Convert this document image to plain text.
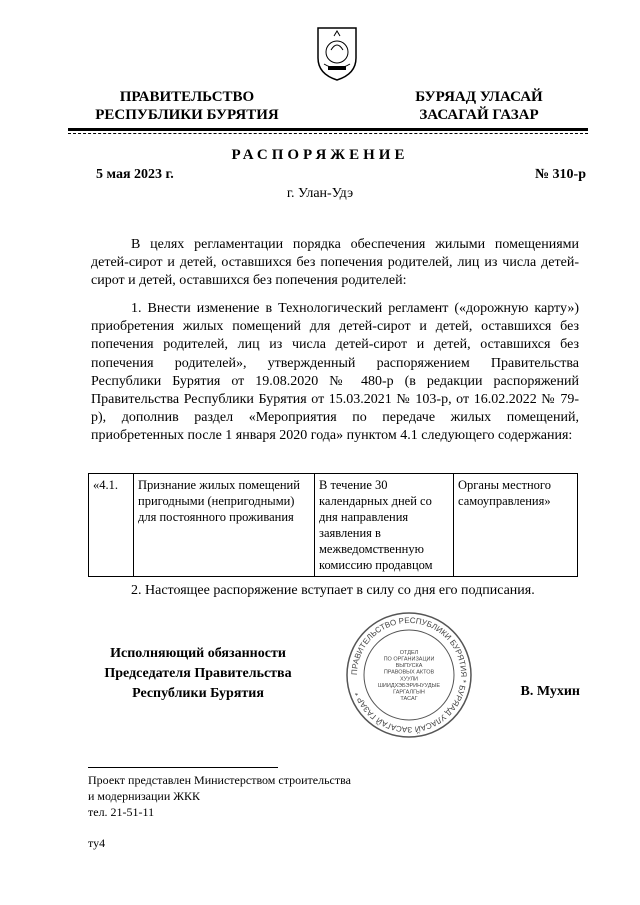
ПРАВИТЕЛЬСТВО
РЕСПУБЛИКИ БУРЯТИЯ
БУРЯАД УЛАСАЙ
ЗАСАГАЙ ГАЗАР
РАСПОРЯЖЕНИЕ
5 мая 2023 г.	№ 310-р
г. Улан-Удэ
В целях регламентации порядка обеспечения жилыми помещениями детей-сирот и детей, оставшихся без попечения родителей, лиц из числа детей-сирот и детей, оставшихся без попечения родителей:
1. Внести изменение в Технологический регламент («дорожную карту») приобретения жилых помещений для детей-сирот и детей, оставшихся без попечения родителей, лиц из числа детей-сирот и детей, оставшихся без попечения родителей», утвержденный распоряжением Правительства Республики Бурятия от 19.08.2020 № 480-р (в редакции распоряжений Правительства Республики Бурятия от 15.03.2021 № 103-р, от 16.02.2022 № 79-р), дополнив раздел «Мероприятия по передаче жилых помещений, приобретенных после 1 января 2020 года» пунктом 4.1 следующего содержания:
«4.1.	Признание жилых помещений пригодными (непригодными) для постоянного проживания	В течение 30 календарных дней со дня направления заявления в межведомственную комиссию продавцом	Органы местного самоуправления»
2. Настоящее распоряжение вступает в силу со дня его подписания.
Исполняющий обязанности
Председателя Правительства
Республики Бурятия
ПРАВИТЕЛЬСТВО РЕСПУБЛИКИ БУРЯТИЯ * БУРЯАД УЛАСАЙ ЗАСАГАЙ ГАЗАР *
ОТДЕЛ
ПО ОРГАНИЗАЦИИ
ВЫПУСКА
ПРАВОВЫХ АКТОВ
ХУУЛИ
ШИИДХЭБЭРИНУУДЫЕ
ГАРГАЛГЫН
ТАСАГ
В. Мухин
Проект представлен Министерством строительства
и модернизации ЖКК
тел. 21-51-11
ту4
